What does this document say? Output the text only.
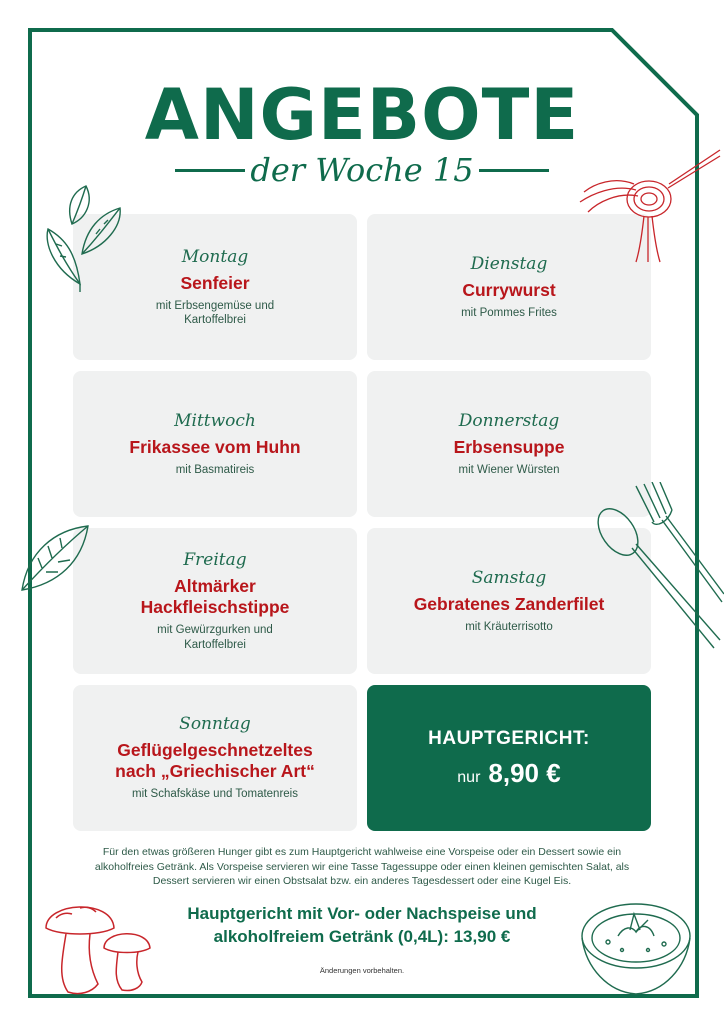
ANGEBOTE
der Woche 15
Montag
Senfeier
mit Erbsengemüse und Kartoffelbrei
Dienstag
Currywurst
mit Pommes Frites
Mittwoch
Frikassee vom Huhn
mit Basmatireis
Donnerstag
Erbsensuppe
mit Wiener Würsten
Freitag
Altmärker Hackfleischstippe
mit Gewürzgurken und Kartoffelbrei
Samstag
Gebratenes Zanderfilet
mit Kräuterrisotto
Sonntag
Geflügelgeschnetzeltes nach „Griechischer Art“
mit Schafskäse und Tomatenreis
HAUPTGERICHT:
nur 8,90 €
Für den etwas größeren Hunger gibt es zum Hauptgericht wahlweise eine Vorspeise oder ein Dessert sowie ein alkoholfreies Getränk. Als Vorspeise servieren wir eine Tasse Tagessuppe oder einen kleinen gemischten Salat, als Dessert servieren wir einen Obstsalat bzw. ein anderes Tagesdessert oder eine Kugel Eis.
Hauptgericht mit Vor- oder Nachspeise und alkoholfreiem Getränk (0,4L): 13,90 €
Änderungen vorbehalten.
